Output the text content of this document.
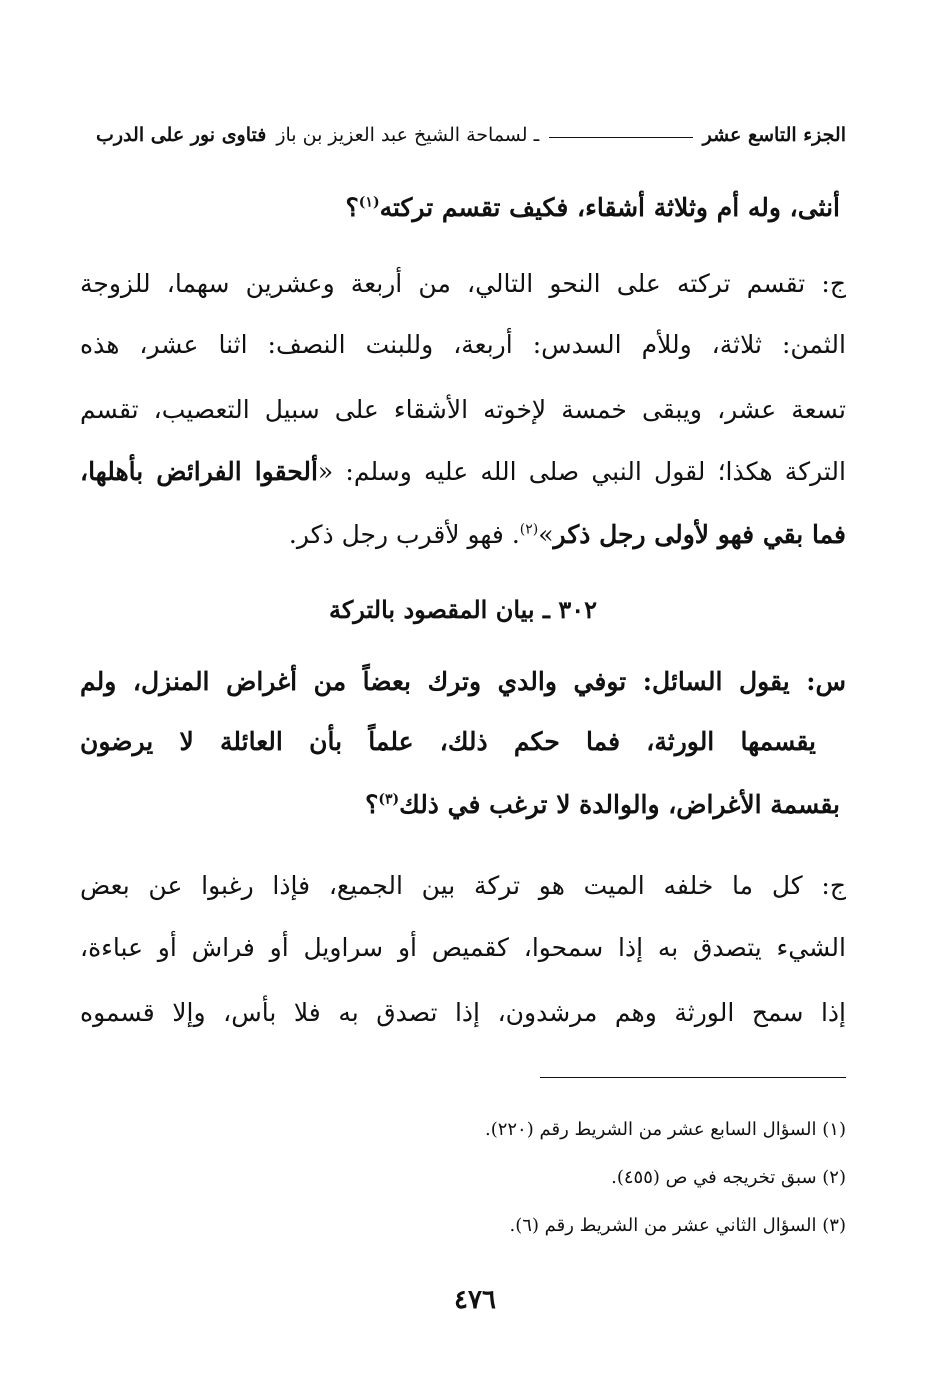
فتاوى نور على الدرب ـ لسماحة الشيخ عبد العزيز بن باز	الجزء التاسع عشر
أنثى، وله أم وثلاثة أشقاء، فكيف تقسم تركته$^{(١)}$؟
ج: تقسم تركته على النحو التالي، من أربعة وعشرين سهما، للزوجة
الثمن: ثلاثة، وللأم السدس: أربعة، وللبنت النصف: اثنا عشر، هذه
تسعة عشر، ويبقى خمسة لإخوته الأشقاء على سبيل التعصيب، تقسم
التركة هكذا؛ لقول النبي صلى الله عليه وسلم: «ألحقوا الفرائض بأهلها،
فما بقي فهو لأولى رجل ذكر»$^{(٢)}$. فهو لأقرب رجل ذكر.
٣٠٢ ـ بيان المقصود بالتركة
س: يقول السائل: توفي والدي وترك بعضاً من أغراض المنزل، ولم
يقسمها الورثة، فما حكم ذلك، علماً بأن العائلة لا يرضون
بقسمة الأغراض، والوالدة لا ترغب في ذلك$^{(٣)}$؟
ج: كل ما خلفه الميت هو تركة بين الجميع، فإذا رغبوا عن بعض
الشيء يتصدق به إذا سمحوا، كقميص أو سراويل أو فراش أو عباءة،
إذا سمح الورثة وهم مرشدون، إذا تصدق به فلا بأس، وإلا قسموه
(١) السؤال السابع عشر من الشريط رقم (٢٢٠).
(٢) سبق تخريجه في ص (٤٥٥).
(٣) السؤال الثاني عشر من الشريط رقم (٦).
٤٧٦
